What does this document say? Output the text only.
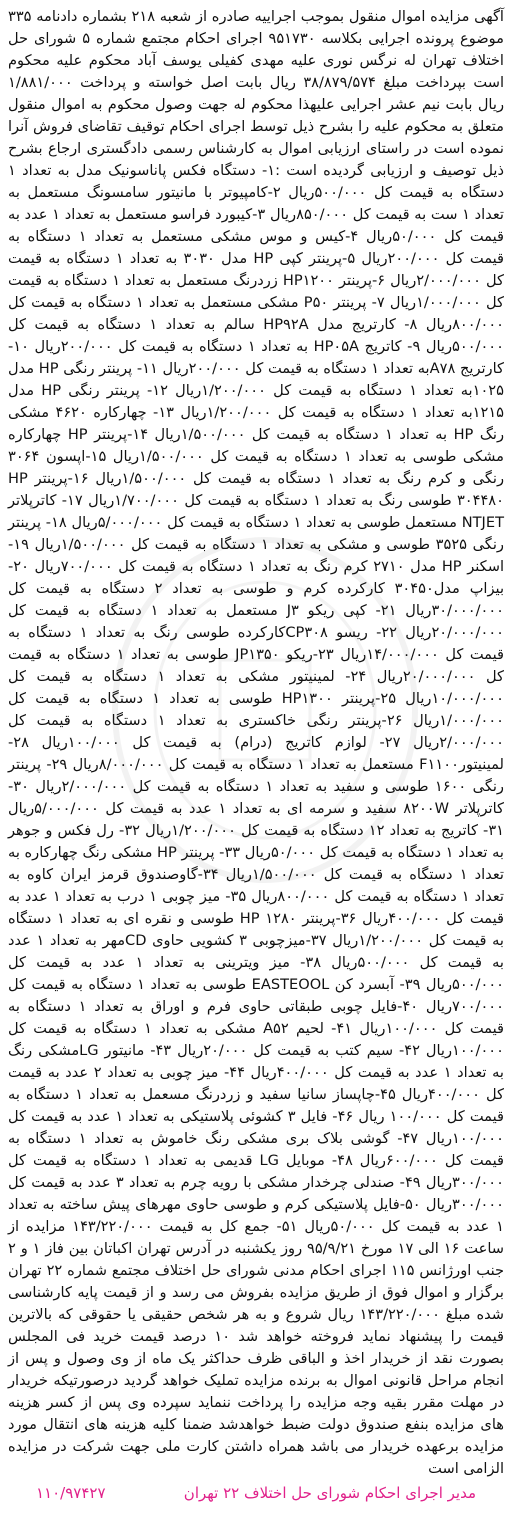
آگهی مزایده اموال منقول بموجب اجراییه صادره از شعبه ۲۱۸ بشماره دادنامه ۳۳۵ موضوع پرونده اجرایی بکلاسه ۹۵۱۷۳۰ اجرای احکام مجتمع شماره ۵ شورای حل اختلاف تهران له نرگس نوری علیه مهدی کفیلی یوسف آباد محکوم علیه محکوم است بپرداخت مبلغ ۳۸/۸۷۹/۵۷۴ ریال بابت اصل خواسته و پرداخت ۱/۸۸۱/۰۰۰ ریال بابت نیم عشر اجرایی علیهذا محکوم له جهت وصول محکوم به اموال منقول متعلق به محکوم علیه را بشرح ذیل توسط اجرای احکام توقیف تقاضای فروش آنرا نموده است در راستای ارزیابی اموال به کارشناس رسمی دادگستری ارجاع بشرح ذیل توصیف و ارزیابی گردیده است :۱- دستگاه فکس پاناسونیک مدل به تعداد ۱ دستگاه به قیمت کل ۵۰۰/۰۰۰ریال ۲-کامپیوتر با مانیتور سامسونگ مستعمل به تعداد ۱ ست به قیمت کل ۸۵۰/۰۰۰ریال ۳-کیبورد فراسو مستعمل به تعداد ۱ عدد به قیمت کل ۵۰/۰۰۰ریال ۴-کیس و موس مشکی مستعمل به تعداد ۱ دستگاه به قیمت کل ۲۰۰/۰۰۰ریال ۵-پرینتر کپی HP مدل ۳۰۳۰ به تعداد ۱ دستگاه به قیمت کل ۲/۰۰۰/۰۰۰ریال ۶-پرینتر HP۱۲۰۰ زردرنگ مستعمل به تعداد ۱ دستگاه به قیمت کل ۱/۰۰۰/۰۰۰ریال ۷- پرینتر P۵۰ مشکی مستعمل به تعداد ۱ دستگاه به قیمت کل ۸۰۰/۰۰۰ریال ۸- کارتریج مدل HP۹۲A سالم به تعداد ۱ دستگاه به قیمت کل ۵۰۰/۰۰۰ریال ۹- کاتریج HP۰۵A به تعداد ۱ دستگاه به قیمت کل ۲۰۰/۰۰۰ریال ۱۰- کارتریج A۷۸به تعداد ۱ دستگاه به قیمت کل ۲۰۰/۰۰۰ریال ۱۱- پرینتر رنگی HP مدل ۱۰۲۵به تعداد ۱ دستگاه به قیمت کل ۱/۲۰۰/۰۰۰ریال ۱۲- پرینتر رنگی HP مدل ۱۲۱۵به تعداد ۱ دستگاه به قیمت کل ۱/۲۰۰/۰۰۰ریال ۱۳- چهارکاره ۴۶۲۰ مشکی رنگ HP به تعداد ۱ دستگاه به قیمت کل ۱/۵۰۰/۰۰۰ریال ۱۴-پرینتر HP چهارکاره مشکی طوسی به تعداد ۱ دستگاه به قیمت کل ۱/۵۰۰/۰۰۰ریال ۱۵-اپسون ۳۰۶۴ رنگی و کرم رنگ به تعداد ۱ دستگاه به قیمت کل ۱/۵۰۰/۰۰۰ریال ۱۶-پرینتر HP ۳۰۴۴۸۰ طوسی رنگ به تعداد ۱ دستگاه به قیمت کل ۱/۷۰۰/۰۰۰ریال ۱۷- کاترپلاتر NTJET مستعمل طوسی به تعداد ۱ دستگاه به قیمت کل ۵/۰۰۰/۰۰۰ریال ۱۸- پرینتر رنگی ۳۵۲۵ طوسی و مشکی به تعداد ۱ دستگاه به قیمت کل ۱/۵۰۰/۰۰۰ریال ۱۹- اسکنر HP مدل ۲۷۱۰ کرم رنگ به تعداد ۱ دستگاه به قیمت کل ۷۰۰/۰۰۰ریال ۲۰- بیزاپ مدل۳۰۴۵۰ کارکرده کرم و طوسی به تعداد ۲ دستگاه به قیمت کل ۳۰/۰۰۰/۰۰۰ریال ۲۱- کپی ریکو J۳ مستعمل به تعداد ۱ دستگاه به قیمت کل ۲۰/۰۰۰/۰۰۰ریال ۲۲- ریسو CP۳۰۸کارکرده طوسی رنگ به تعداد ۱ دستگاه به قیمت کل ۱۴/۰۰۰/۰۰۰ریال ۲۳-ریکو JP۱۳۵۰ طوسی به تعداد ۱ دستگاه به قیمت کل ۲۰/۰۰۰/۰۰۰ریال ۲۴- لمینیتور مشکی به تعداد ۱ دستگاه به قیمت کل ۱۰/۰۰۰/۰۰۰ریال ۲۵-پرینتر HP۱۳۰۰ طوسی به تعداد ۱ دستگاه به قیمت کل ۱/۰۰۰/۰۰۰ریال ۲۶-پرینتر رنگی خاکستری به تعداد ۱ دستگاه به قیمت کل ۲/۰۰۰/۰۰۰ریال ۲۷- لوازم کاتریج (درام) به قیمت کل ۱۰۰/۰۰۰ریال ۲۸- لمینیتورF۱۱۰۰ مستعمل به تعداد ۱ دستگاه به قیمت کل ۸/۰۰۰/۰۰۰ریال ۲۹- پرینتر رنگی ۱۶۰۰ طوسی و سفید به تعداد ۱ دستگاه به قیمت کل ۲/۰۰۰/۰۰۰ریال ۳۰- کاترپلاتر ۸۲۰۰W سفید و سرمه ای به تعداد ۱ عدد به قیمت کل ۵/۰۰۰/۰۰۰ریال ۳۱- کاتریج به تعداد ۱۲ دستگاه به قیمت کل ۱/۲۰۰/۰۰۰ریال ۳۲- رل فکس و جوهر به تعداد ۱ دستگاه به قیمت کل ۵۰/۰۰۰ریال ۳۳- پرینتر HP مشکی رنگ چهارکاره به تعداد ۱ دستگاه به قیمت کل ۱/۵۰۰/۰۰۰ریال ۳۴-گاوصندوق قرمز ایران کاوه به تعداد ۱ دستگاه به قیمت کل ۸۰۰/۰۰۰ریال ۳۵- میز چوبی ۱ درب به تعداد ۱ عدد به قیمت کل ۴۰۰/۰۰۰ریال ۳۶-پرینتر HP ۱۲۸۰ طوسی و نقره ای به تعداد ۱ دستگاه به قیمت کل ۱/۲۰۰/۰۰۰ریال ۳۷-میزچوبی ۳ کشویی حاوی CDمهر به تعداد ۱ عدد به قیمت کل ۵۰۰/۰۰۰ریال ۳۸- میز ویترینی به تعداد ۱ عدد به قیمت کل ۵۰۰/۰۰۰ریال ۳۹- آبسرد کن EASTEOOL طوسی به تعداد ۱ دستگاه به قیمت کل ۷۰۰/۰۰۰ریال ۴۰-فایل چوبی طبقاتی حاوی فرم و اوراق به تعداد ۱ دستگاه به قیمت کل ۱۰۰/۰۰۰ریال ۴۱- لحیم A۵۲ مشکی به تعداد ۱ دستگاه به قیمت کل ۱۰۰/۰۰۰ریال ۴۲- سیم کتب به قیمت کل ۲۰/۰۰۰ریال ۴۳- مانیتور LGمشکی رنگ به تعداد ۱ عدد به قیمت کل ۴۰۰/۰۰۰ریال ۴۴- میز چوبی به تعداد ۲ عدد به قیمت کل ۴۰۰/۰۰۰ریال ۴۵-چاپساز سانیا سفید و زردرنگ مسعمل به تعداد ۱ دستگاه به قیمت کل ۱۰۰/۰۰۰ ریال ۴۶- فایل ۳ کشوئی پلاستیکی به تعداد ۱ عدد به قیمت کل ۱۰۰/۰۰۰ریال ۴۷- گوشی بلاک بری مشکی رنگ خاموش به تعداد ۱ دستگاه به قیمت کل ۶۰۰/۰۰۰ریال ۴۸- موبایل LG قدیمی به تعداد ۱ دستگاه به قیمت کل ۳۰۰/۰۰۰ریال ۴۹- صندلی چرخدار مشکی با رویه چرم به تعداد ۳ عدد به قیمت کل ۳۰۰/۰۰۰ریال ۵۰-فایل پلاستیکی کرم و طوسی حاوی مهرهای پیش ساخته به تعداد ۱ عدد به قیمت کل ۵۰/۰۰۰ریال ۵۱- جمع کل به قیمت ۱۴۳/۲۲۰/۰۰۰ مزایده از ساعت ۱۶ الی ۱۷ مورخ ۹۵/۹/۲۱ روز یکشنبه در آدرس تهران اکباتان بین فاز ۱ و ۲ جنب اورژانس ۱۱۵ اجرای احکام مدنی شورای حل اختلاف مجتمع شماره ۲۲ تهران برگزار و اموال فوق از طریق مزایده بفروش می رسد و از قیمت پایه کارشناسی شده مبلغ ۱۴۳/۲۲۰/۰۰۰ ریال شروع و به هر شخص حقیقی یا حقوقی که بالاترین قیمت را پیشنهاد نماید فروخته خواهد شد ۱۰ درصد قیمت خرید فی المجلس بصورت نقد از خریدار اخذ و الباقی ظرف حداکثر یک ماه از وی وصول و پس از انجام مراحل قانونی اموال به برنده مزایده تملیک خواهد گردید درصورتیکه خریدار در مهلت مقرر بقیه وجه مزایده را پرداخت ننماید سپرده وی پس از کسر هزینه های مزایده بنفع صندوق دولت ضبط خواهدشد ضمنا کلیه هزینه های انتقال مورد مزایده برعهده خریدار می باشد همراه داشتن کارت ملی جهت شرکت در مزایده الزامی است

مدیر اجرای احکام شورای حل اختلاف ۲۲ تهران
۱۱۰/۹۷۴۲۷
